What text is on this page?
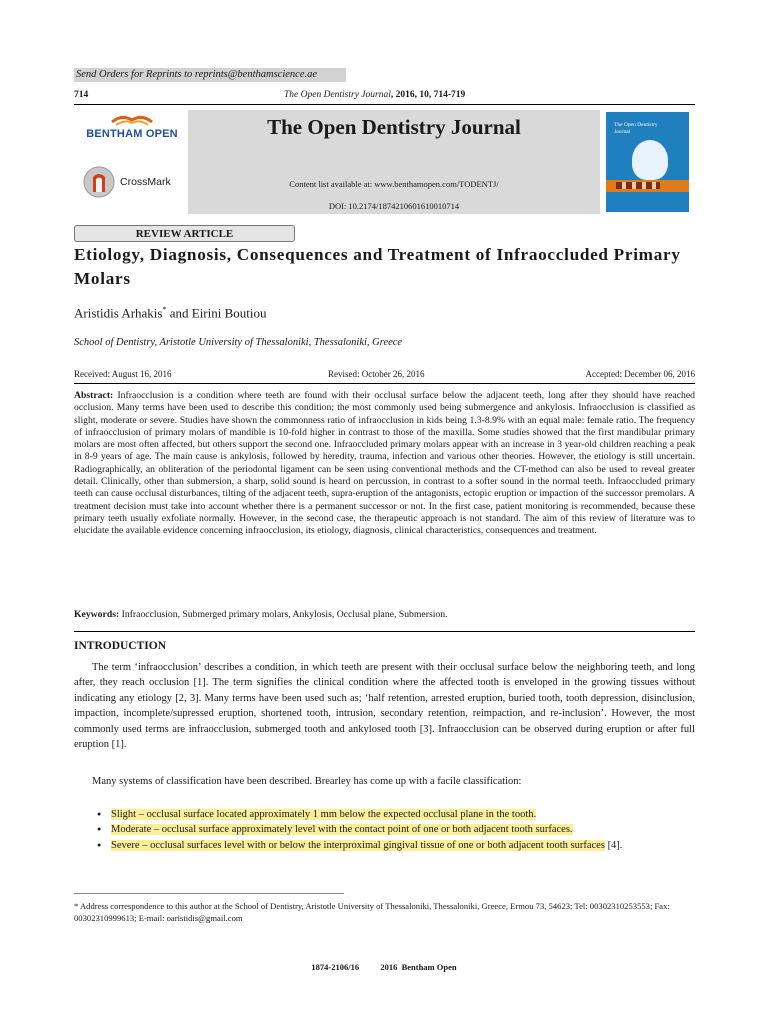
Send Orders for Reprints to reprints@benthamscience.ae
714	The Open Dentistry Journal, 2016, 10, 714-719
BENTHAM OPEN
CrossMark
The Open Dentistry Journal
Content list available at: www.benthamopen.com/TODENTJ/
DOI: 10.2174/1874210601610010714
The Open Dentistry Journal
REVIEW ARTICLE
Etiology, Diagnosis, Consequences and Treatment of Infraoccluded Primary Molars
Aristidis Arhakis* and Eirini Boutiou
School of Dentistry, Aristotle University of Thessaloniki, Thessaloniki, Greece
Received: August 16, 2016	Revised: October 26, 2016	Accepted: December 06, 2016
Abstract: Infraocclusion is a condition where teeth are found with their occlusal surface below the adjacent teeth, long after they should have reached occlusion. Many terms have been used to describe this condition; the most commonly used being submergence and ankylosis. Infraocclusion is classified as slight, moderate or severe. Studies have shown the commonness ratio of infraocclusion in kids being 1.3-8.9% with an equal male: female ratio. The frequency of infraocclusion of primary molars of mandible is 10-fold higher in contrast to those of the maxilla. Some studies showed that the first mandibular primary molars are most often affected, but others support the second one. Infraoccluded primary molars appear with an increase in 3 year-old children reaching a peak in 8-9 years of age. The main cause is ankylosis, followed by heredity, trauma, infection and various other theories. However, the etiology is still uncertain. Radiographically, an obliteration of the periodontal ligament can be seen using conventional methods and the CT-method can also be used to reveal greater detail. Clinically, other than submersion, a sharp, solid sound is heard on percussion, in contrast to a softer sound in the normal teeth. Infraoccluded primary teeth can cause occlusal disturbances, tilting of the adjacent teeth, supra-eruption of the antagonists, ectopic eruption or impaction of the successor premolars. A treatment decision must take into account whether there is a permanent successor or not. In the first case, patient monitoring is recommended, because these primary teeth usually exfoliate normally. However, in the second case, the therapeutic approach is not standard. The aim of this review of literature was to elucidate the available evidence concerning infraocclusion, its etiology, diagnosis, clinical characteristics, consequences and treatment.
Keywords: Infraocclusion, Submerged primary molars, Ankylosis, Occlusal plane, Submersion.
INTRODUCTION
The term ‘infraocclusion’ describes a condition, in which teeth are present with their occlusal surface below the neighboring teeth, and long after, they reach occlusion [1]. The term signifies the clinical condition where the affected tooth is enveloped in the growing tissues without indicating any etiology [2, 3]. Many terms have been used such as; ‘half retention, arrested eruption, buried tooth, tooth depression, disinclusion, impaction, incomplete/supressed eruption, shortened tooth, intrusion, secondary retention, reimpaction, and re-inclusion’. However, the most commonly used terms are infraocclusion, submerged tooth and ankylosed tooth [3]. Infraocclusion can be observed during eruption or after full eruption [1].
Many systems of classification have been described. Brearley has come up with a facile classification:
● Slight – occlusal surface located approximately 1 mm below the expected occlusal plane in the tooth.
● Moderate – occlusal surface approximately level with the contact point of one or both adjacent tooth surfaces.
● Severe – occlusal surfaces level with or below the interproximal gingival tissue of one or both adjacent tooth surfaces [4].
* Address correspondence to this author at the School of Dentistry, Aristotle University of Thessaloniki, Thessaloniki, Greece, Ermou 73, 54623; Tel: 00302310253553; Fax: 00302310999613; E-mail: oaristidis@gmail.com
1874-2106/16          2016  Bentham Open
